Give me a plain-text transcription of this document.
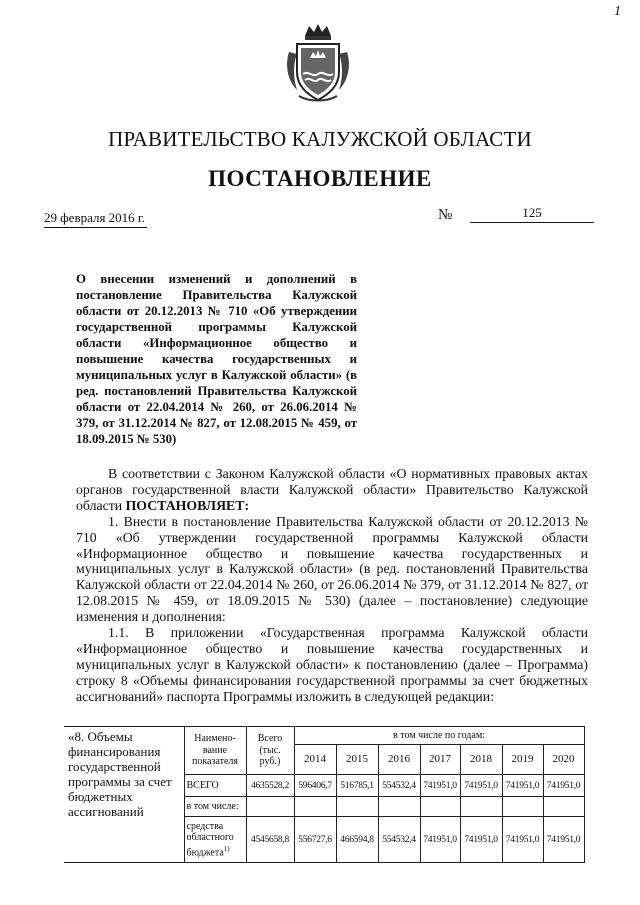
1
ПРАВИТЕЛЬСТВО КАЛУЖСКОЙ ОБЛАСТИ
ПОСТАНОВЛЕНИЕ
29 февраля 2016 г.	№	125
О внесении изменений и дополнений в постановление Правительства Калужской области от 20.12.2013 № 710 «Об утверждении государственной программы Калужской области «Информационное общество и повышение качества государственных и муниципальных услуг в Калужской области» (в ред. постановлений Правительства Калужской области от 22.04.2014 № 260, от 26.06.2014 № 379, от 31.12.2014 № 827, от 12.08.2015 № 459, от 18.09.2015 № 530)

В соответствии с Законом Калужской области «О нормативных правовых актах органов государственной власти Калужской области» Правительство Калужской области ПОСТАНОВЛЯЕТ:

1. Внести в постановление Правительства Калужской области от 20.12.2013 № 710 «Об утверждении государственной программы Калужской области «Информационное общество и повышение качества государственных и муниципальных услуг в Калужской области» (в ред. постановлений Правительства Калужской области от 22.04.2014 № 260, от 26.06.2014 № 379, от 31.12.2014 № 827, от 12.08.2015 № 459, от 18.09.2015 № 530) (далее – постановление) следующие изменения и дополнения:

1.1. В приложении «Государственная программа Калужской области «Информационное общество и повышение качества государственных и муниципальных услуг в Калужской области» к постановлению (далее – Программа) строку 8 «Объемы финансирования государственной программы за счет бюджетных ассигнований» паспорта Программы изложить в следующей редакции:

«8. Объемы финансирования государственной программы за счет бюджетных ассигнований	Наимено-вание показателя	Всего (тыс. руб.)	в том числе по годам:						
			2014	2015	2016	2017	2018	2019	2020
	ВСЕГО	4635528,2	596406,7	516785,1	554532,4	741951,0	741951,0	741951,0	741951,0
	в том числе:								
	средства областного бюджета$^{1)}$	4545658,8	556727,6	466594,8	554532,4	741951,0	741951,0	741951,0	741951,0
